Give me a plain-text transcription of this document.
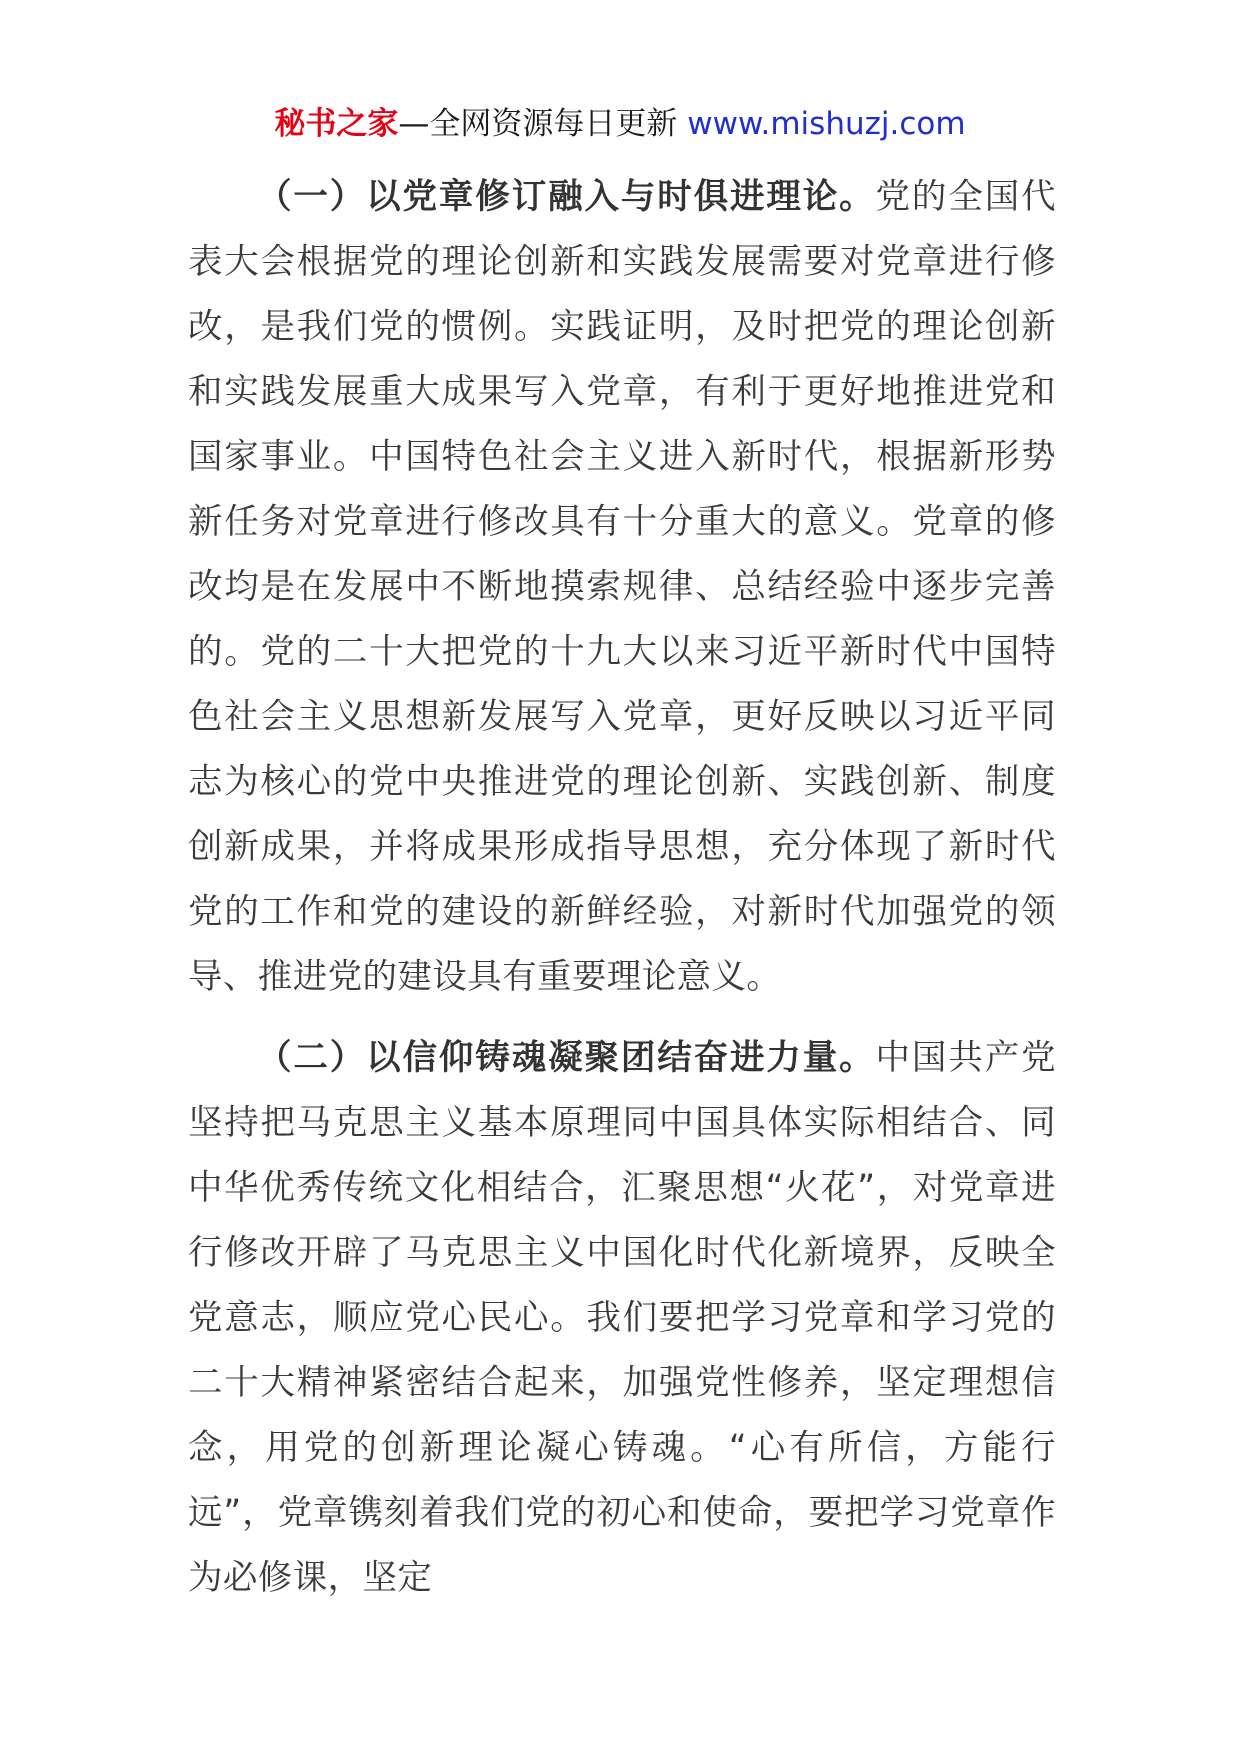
秘书之家—全网资源每日更新 www.mishuzj.com

（一）以党章修订融入与时俱进理论。党的全国代表大会根据党的理论创新和实践发展需要对党章进行修改，是我们党的惯例。实践证明，及时把党的理论创新和实践发展重大成果写入党章，有利于更好地推进党和国家事业。中国特色社会主义进入新时代，根据新形势新任务对党章进行修改具有十分重大的意义。党章的修改均是在发展中不断地摸索规律、总结经验中逐步完善的。党的二十大把党的十九大以来习近平新时代中国特色社会主义思想新发展写入党章，更好反映以习近平同志为核心的党中央推进党的理论创新、实践创新、制度创新成果，并将成果形成指导思想，充分体现了新时代党的工作和党的建设的新鲜经验，对新时代加强党的领导、推进党的建设具有重要理论意义。

（二）以信仰铸魂凝聚团结奋进力量。中国共产党坚持把马克思主义基本原理同中国具体实际相结合、同中华优秀传统文化相结合，汇聚思想“火花”，对党章进行修改开辟了马克思主义中国化时代化新境界，反映全党意志，顺应党心民心。我们要把学习党章和学习党的二十大精神紧密结合起来，加强党性修养，坚定理想信念，用党的创新理论凝心铸魂。“心有所信，方能行远”，党章镌刻着我们党的初心和使命，要把学习党章作为必修课，坚定
